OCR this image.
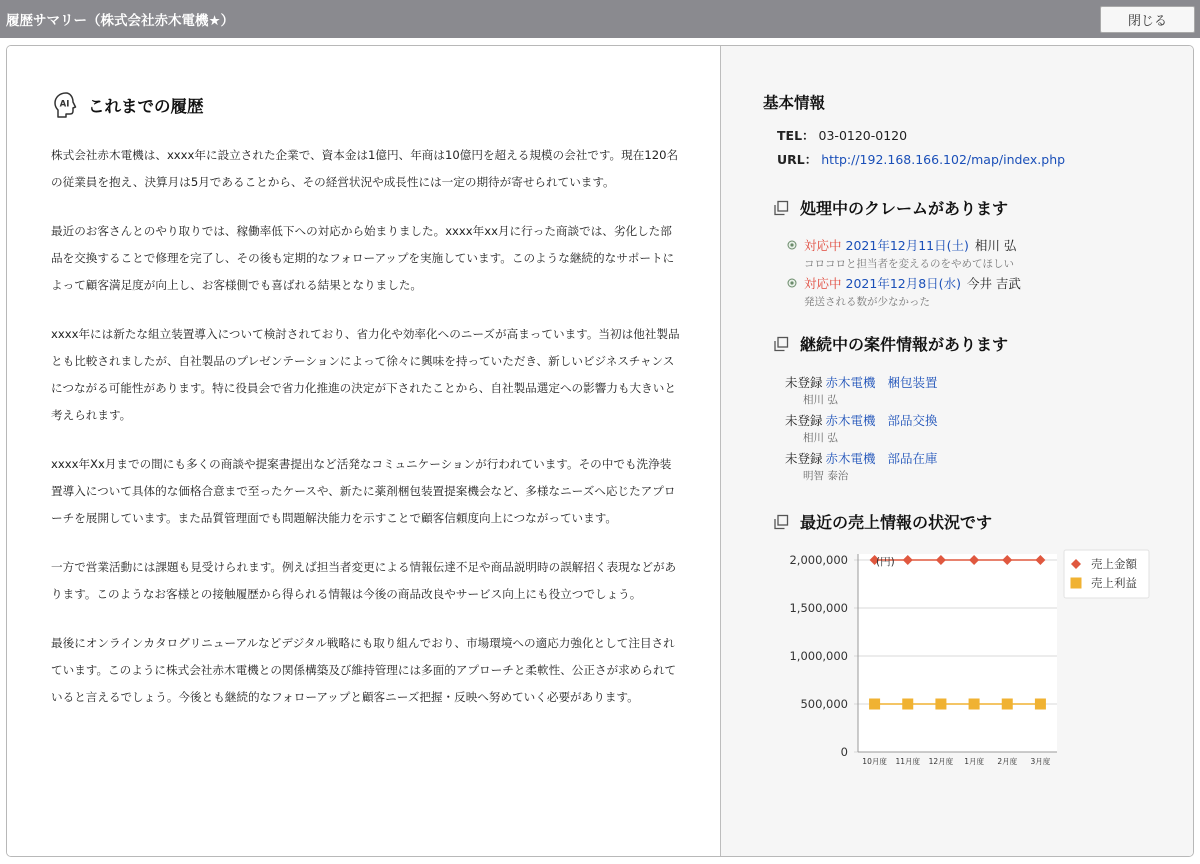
履歴サマリー（株式会社赤木電機★）	閉じる
AI これまでの履歴

株式会社赤木電機は、xxxx年に設立された企業で、資本金は1億円、年商は10億円を超える規模の会社です。現在120名の従業員を抱え、決算月は5月であることから、その経営状況や成長性には一定の期待が寄せられています。

最近のお客さんとのやり取りでは、稼働率低下への対応から始まりました。xxxx年xx月に行った商談では、劣化した部品を交換することで修理を完了し、その後も定期的なフォローアップを実施しています。このような継続的なサポートによって顧客満足度が向上し、お客様側でも喜ばれる結果となりました。

xxxx年には新たな組立装置導入について検討されており、省力化や効率化へのニーズが高まっています。当初は他社製品とも比較されましたが、自社製品のプレゼンテーションによって徐々に興味を持っていただき、新しいビジネスチャンスにつながる可能性があります。特に役員会で省力化推進の決定が下されたことから、自社製品選定への影響力も大きいと考えられます。

xxxx年Xx月までの間にも多くの商談や提案書提出など活発なコミュニケーションが行われています。その中でも洗浄装置導入について具体的な価格合意まで至ったケースや、新たに薬剤梱包装置提案機会など、多様なニーズへ応じたアプローチを展開しています。また品質管理面でも問題解決能力を示すことで顧客信頼度向上につながっています。

一方で営業活動には課題も見受けられます。例えば担当者変更による情報伝達不足や商品説明時の誤解招く表現などがあります。このようなお客様との接触履歴から得られる情報は今後の商品改良やサービス向上にも役立つでしょう。

最後にオンラインカタログリニューアルなどデジタル戦略にも取り組んでおり、市場環境への適応力強化として注目されています。このように株式会社赤木電機との関係構築及び維持管理には多面的アプローチと柔軟性、公正さが求められていると言えるでしょう。今後とも継続的なフォローアップと顧客ニーズ把握・反映へ努めていく必要があります。

基本情報
TEL： 03-0120-0120
URL： http://192.168.166.102/map/index.php
処理中のクレームがあります
対応中 2021年12月11日(土) 相川 弘
コロコロと担当者を変えるのをやめてほしい
対応中 2021年12月8日(水) 今井 吉武
発送される数が少なかった
継続中の案件情報があります
未登録 赤木電機 梱包装置
相川 弘
未登録 赤木電機 部品交換
相川 弘
未登録 赤木電機 部品在庫
明智 泰治
最近の売上情報の状況です
0
500,000
1,000,000
1,500,000
2,000,000
10月度 11月度 12月度 1月度 2月度 3月度
(円)	売上金額
売上利益
